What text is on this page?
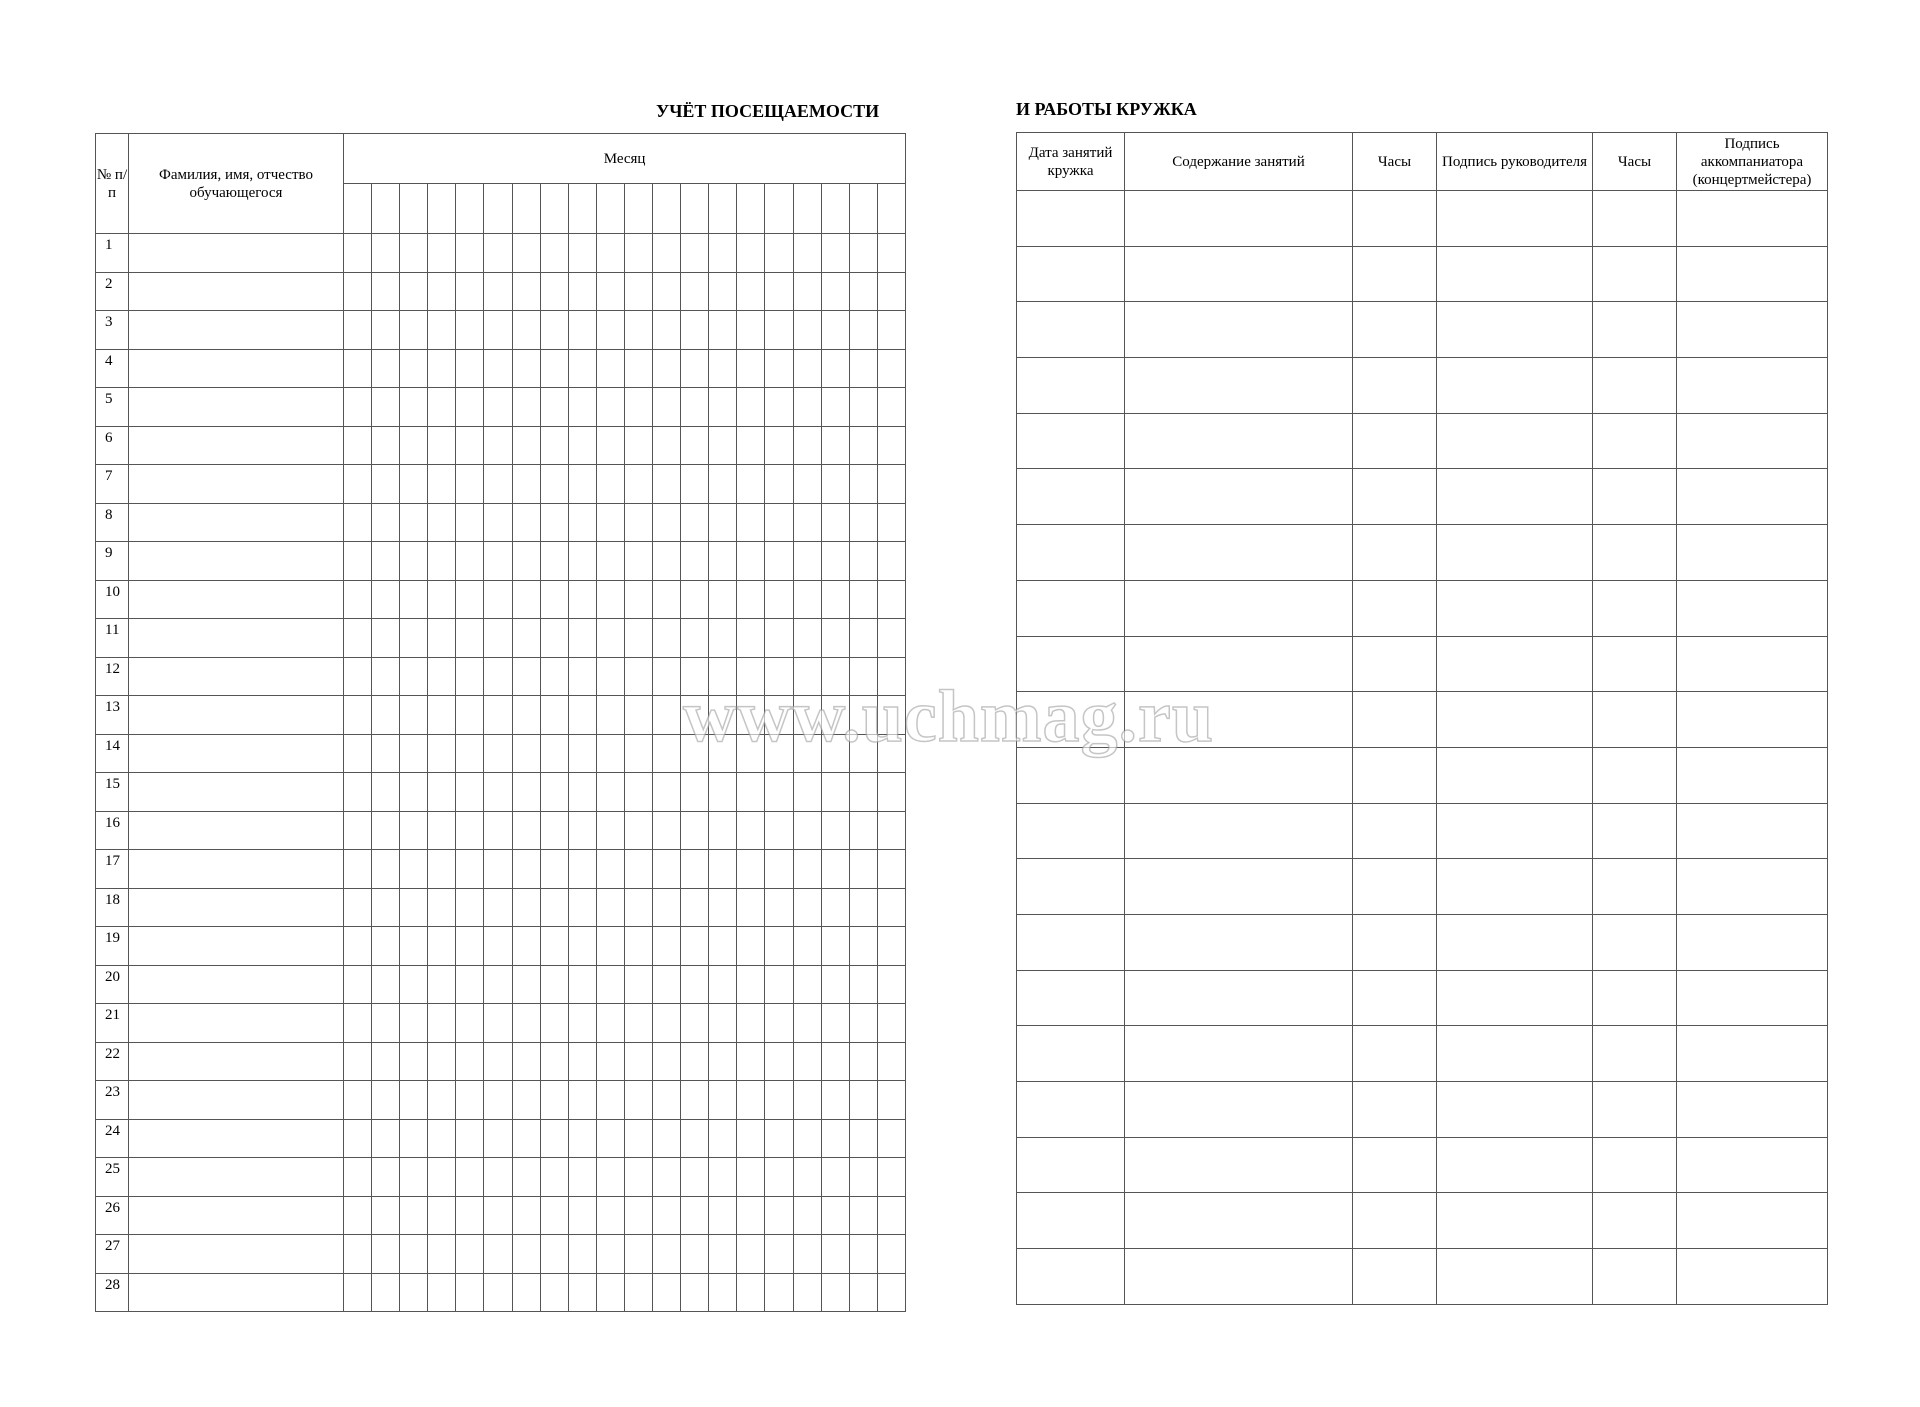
УЧЁТ ПОСЕЩАЕМОСТИ	И РАБОТЫ КРУЖКА
№ п/п	Фамилия, имя, отчество обучающегося	Месяц																			

1																					
2																					
3																					
4																					
5																					
6																					
7																					
8																					
9																					
10																					
11																					
12																					
13																					
14																					
15																					
16																					
17																					
18																					
19																					
20																					
21																					
22																					
23																					
24																					
25																					
26																					
27																					
28																					
Дата занятий кружка	Содержание занятий	Часы	Подпись руководителя	Часы	Подпись аккомпаниатора (концертмейстера)

www.uchmag.ru
